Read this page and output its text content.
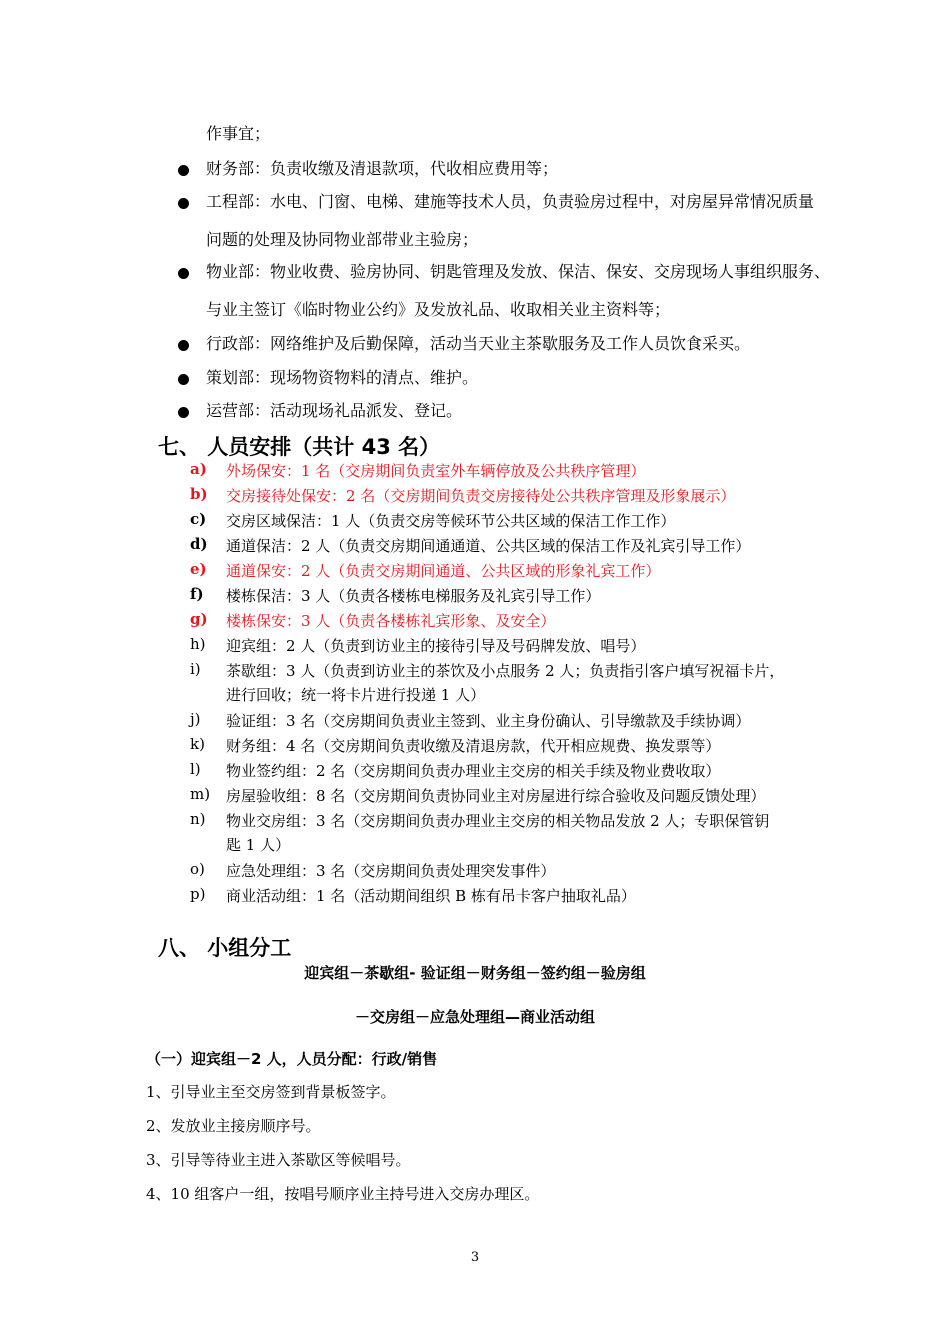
作事宜；
财务部：负责收缴及清退款项，代收相应费用等；
工程部：水电、门窗、电梯、建施等技术人员，负责验房过程中，对房屋异常情况质量
问题的处理及协同物业部带业主验房；
物业部：物业收费、验房协同、钥匙管理及发放、保洁、保安、交房现场人事组织服务、
与业主签订《临时物业公约》及发放礼品、收取相关业主资料等；
行政部：网络维护及后勤保障，活动当天业主茶歇服务及工作人员饮食采买。
策划部：现场物资物料的清点、维护。
运营部：活动现场礼品派发、登记。
七、 人员安排（共计 43 名）
a) 外场保安：1 名（交房期间负责室外车辆停放及公共秩序管理）
b) 交房接待处保安：2 名（交房期间负责交房接待处公共秩序管理及形象展示）
c) 交房区域保洁：1 人（负责交房等候环节公共区域的保洁工作工作）
d) 通道保洁：2 人（负责交房期间通通道、公共区域的保洁工作及礼宾引导工作）
e) 通道保安：2 人（负责交房期间通道、公共区域的形象礼宾工作）
f) 楼栋保洁：3 人（负责各楼栋电梯服务及礼宾引导工作）
g) 楼栋保安：3 人（负责各楼栋礼宾形象、及安全）
h) 迎宾组：2 人（负责到访业主的接待引导及号码牌发放、唱号）
i) 茶歇组：3 人（负责到访业主的茶饮及小点服务 2 人；负责指引客户填写祝福卡片，
进行回收；统一将卡片进行投递 1 人）
j) 验证组：3 名（交房期间负责业主签到、业主身份确认、引导缴款及手续协调）
k) 财务组：4 名（交房期间负责收缴及清退房款，代开相应规费、换发票等）
l) 物业签约组：2 名（交房期间负责办理业主交房的相关手续及物业费收取）
m) 房屋验收组：8 名（交房期间负责协同业主对房屋进行综合验收及问题反馈处理）
n) 物业交房组：3 名（交房期间负责办理业主交房的相关物品发放 2 人；专职保管钥
匙 1 人）
o) 应急处理组：3 名（交房期间负责处理突发事件）
p) 商业活动组：1 名（活动期间组织 B 栋有吊卡客户抽取礼品）
八、 小组分工
迎宾组－茶歇组- 验证组－财务组－签约组－验房组
－交房组－应急处理组—商业活动组
（一）迎宾组－2 人，人员分配：行政/销售
1、引导业主至交房签到背景板签字。
2、发放业主接房顺序号。
3、引导等待业主进入茶歇区等候唱号。
4、10 组客户一组，按唱号顺序业主持号进入交房办理区。
3
